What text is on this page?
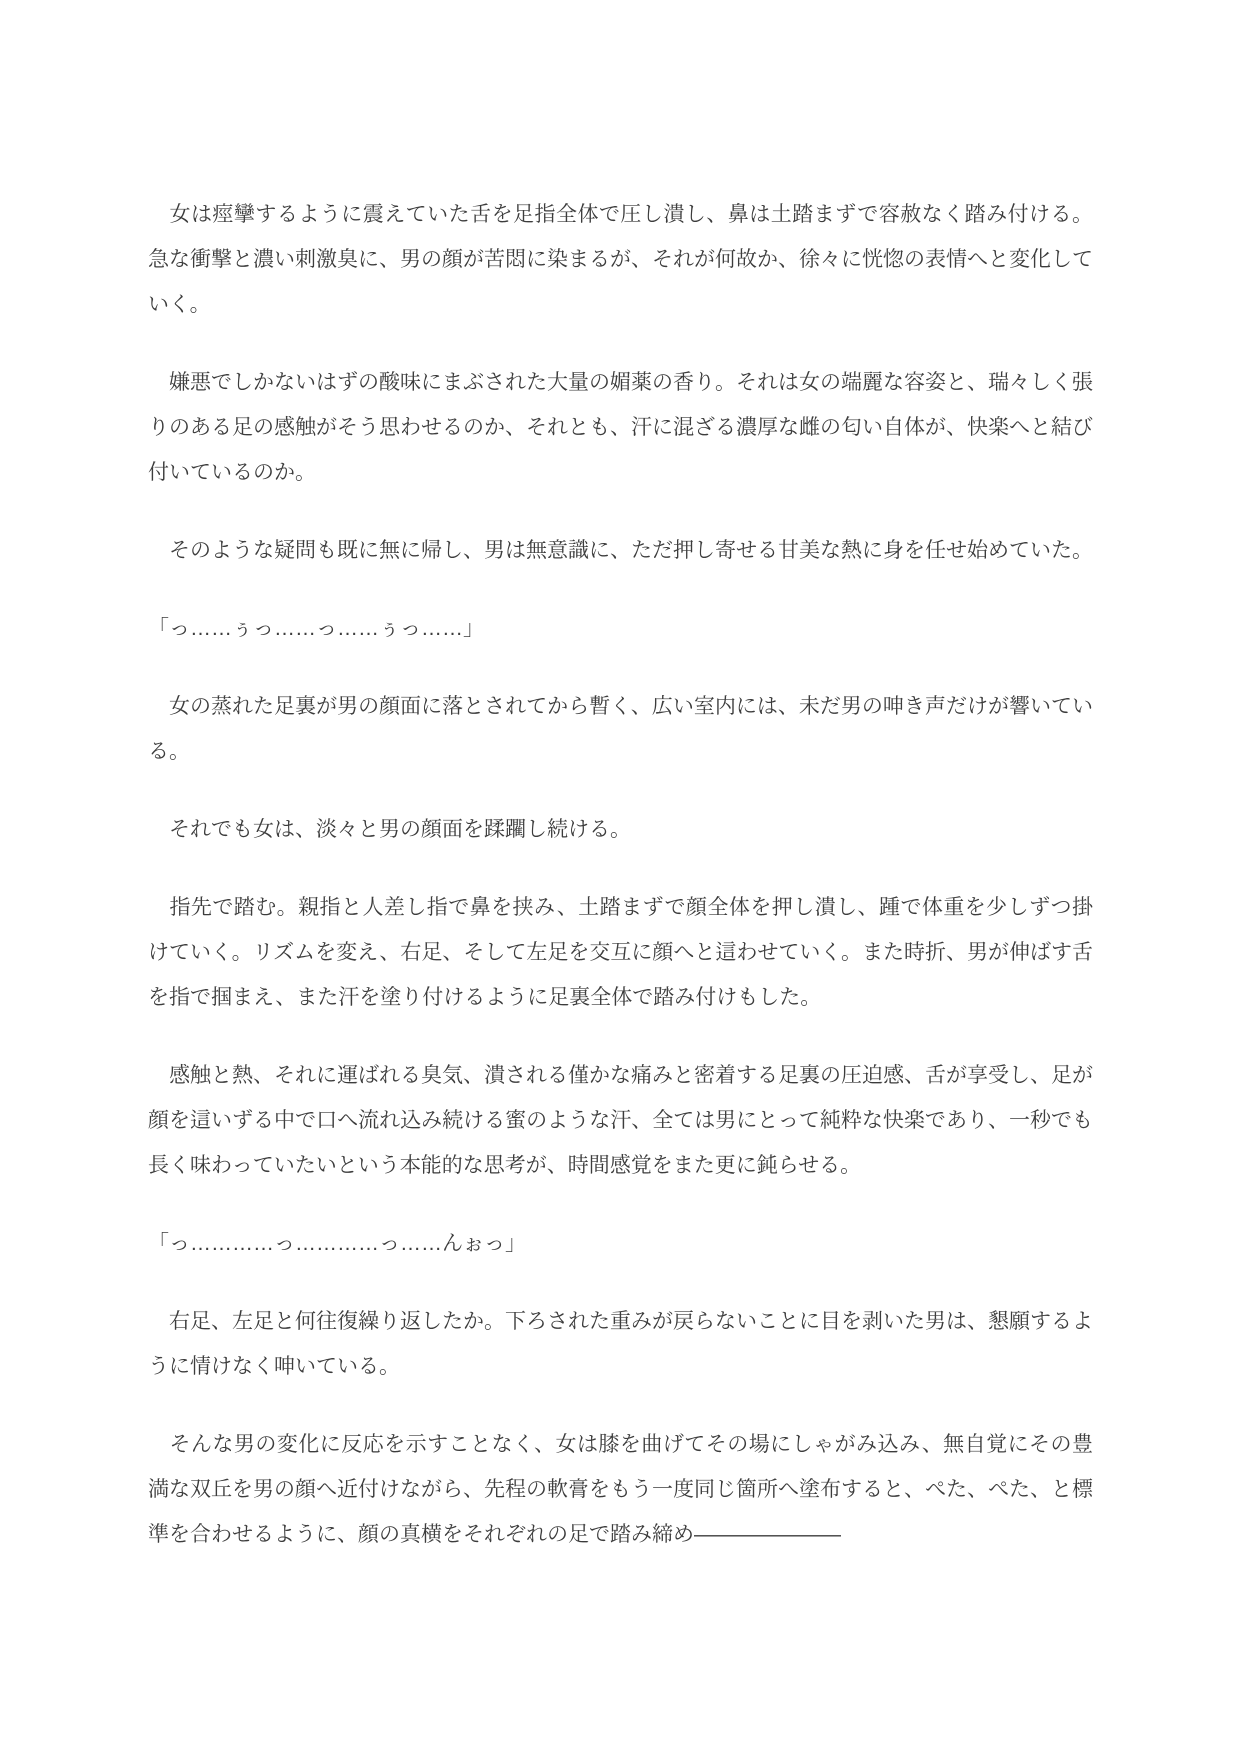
　女は痙攣するように震えていた舌を足指全体で圧し潰し、鼻は土踏まずで容赦なく踏み付ける。急な衝撃と濃い刺激臭に、男の顔が苦悶に染まるが、それが何故か、徐々に恍惚の表情へと変化していく。

　嫌悪でしかないはずの酸味にまぶされた大量の媚薬の香り。それは女の端麗な容姿と、瑞々しく張りのある足の感触がそう思わせるのか、それとも、汗に混ざる濃厚な雌の匂い自体が、快楽へと結び付いているのか。

　そのような疑問も既に無に帰し、男は無意識に、ただ押し寄せる甘美な熱に身を任せ始めていた。

「っ……ぅっ……っ……ぅっ……」

　女の蒸れた足裏が男の顔面に落とされてから暫く、広い室内には、未だ男の呻き声だけが響いている。

　それでも女は、淡々と男の顔面を蹂躙し続ける。

　指先で踏む。親指と人差し指で鼻を挟み、土踏まずで顔全体を押し潰し、踵で体重を少しずつ掛けていく。リズムを変え、右足、そして左足を交互に顔へと這わせていく。また時折、男が伸ばす舌を指で掴まえ、また汗を塗り付けるように足裏全体で踏み付けもした。

　感触と熱、それに運ばれる臭気、潰される僅かな痛みと密着する足裏の圧迫感、舌が享受し、足が顔を這いずる中で口へ流れ込み続ける蜜のような汗、全ては男にとって純粋な快楽であり、一秒でも長く味わっていたいという本能的な思考が、時間感覚をまた更に鈍らせる。

「っ…………っ…………っ……んぉっ」

　右足、左足と何往復繰り返したか。下ろされた重みが戻らないことに目を剥いた男は、懇願するように情けなく呻いている。

　そんな男の変化に反応を示すことなく、女は膝を曲げてその場にしゃがみ込み、無自覚にその豊満な双丘を男の顔へ近付けながら、先程の軟膏をもう一度同じ箇所へ塗布すると、ぺた、ぺた、と標準を合わせるように、顔の真横をそれぞれの足で踏み締め―――――――
